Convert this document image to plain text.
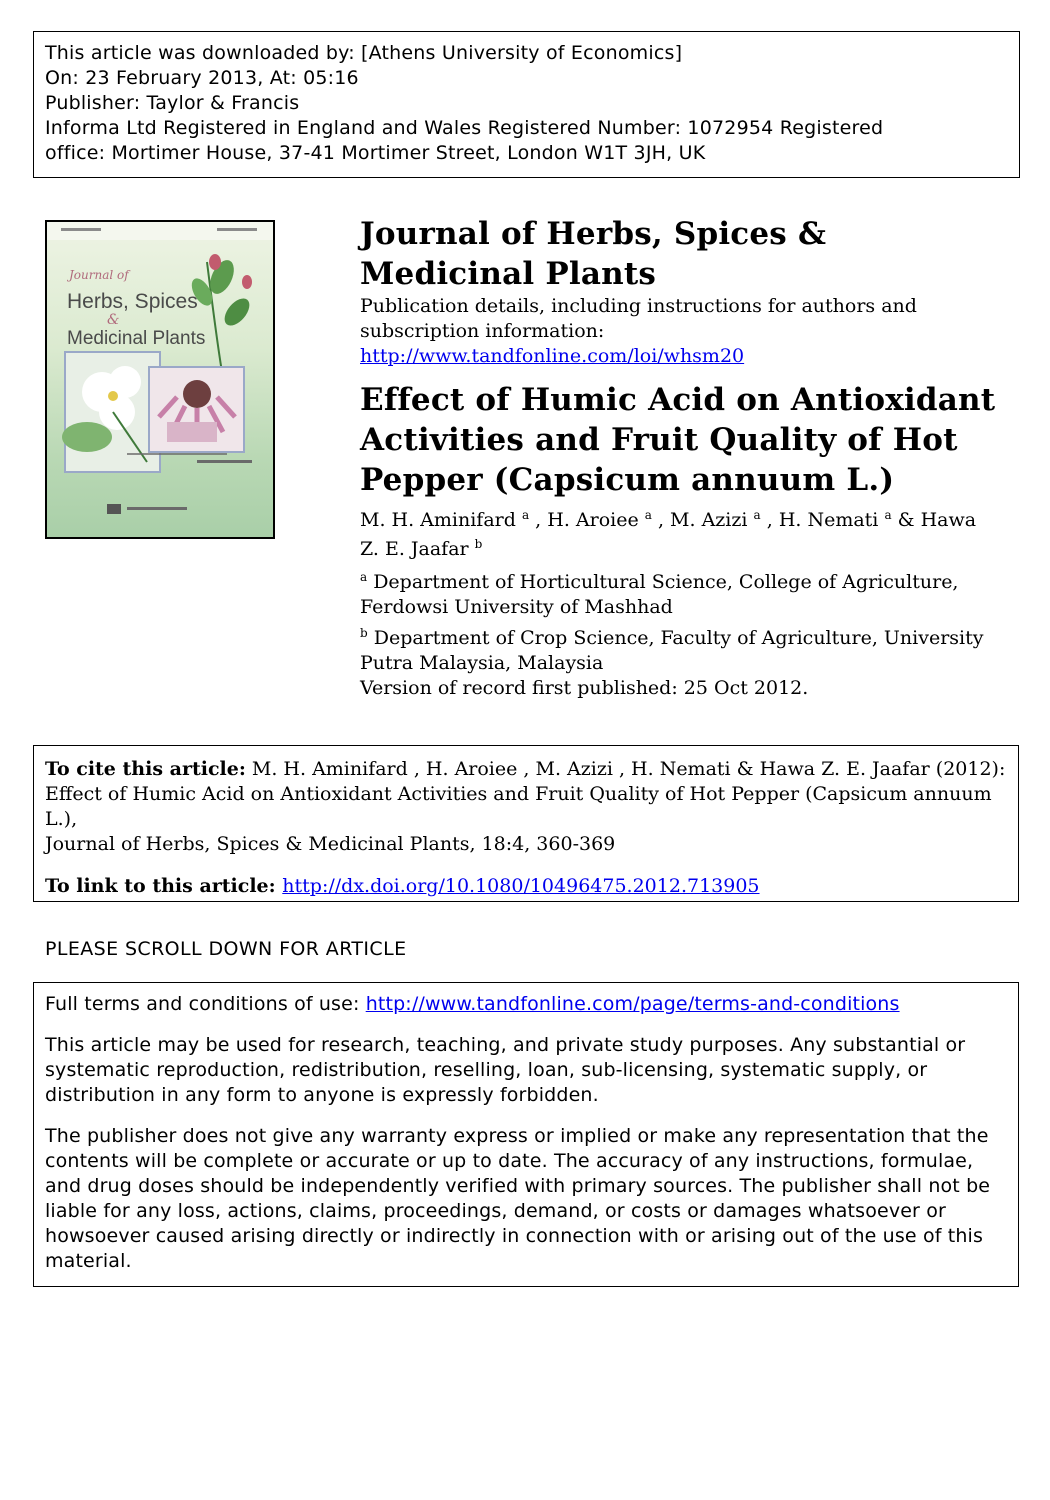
This article was downloaded by: [Athens University of Economics]
On: 23 February 2013, At: 05:16
Publisher: Taylor & Francis
Informa Ltd Registered in England and Wales Registered Number: 1072954 Registered
office: Mortimer House, 37-41 Mortimer Street, London W1T 3JH, UK
Journal of
Herbs, Spices
&
Medicinal Plants
Journal of Herbs, Spices & Medicinal Plants
Publication details, including instructions for authors and
subscription information:
http://www.tandfonline.com/loi/whsm20
Effect of Humic Acid on Antioxidant Activities and Fruit Quality of Hot Pepper (Capsicum annuum L.)
M. H. Aminifard $^a$ , H. Aroiee $^a$ , M. Azizi $^a$ , H. Nemati $^a$ & Hawa Z. E. Jaafar $^b$
$^a$ Department of Horticultural Science, College of Agriculture,
Ferdowsi University of Mashhad
$^b$ Department of Crop Science, Faculty of Agriculture, University
Putra Malaysia, Malaysia
Version of record first published: 25 Oct 2012.
To cite this article: M. H. Aminifard , H. Aroiee , M. Azizi , H. Nemati & Hawa Z. E. Jaafar (2012):
Effect of Humic Acid on Antioxidant Activities and Fruit Quality of Hot Pepper (Capsicum annuum L.),
Journal of Herbs, Spices & Medicinal Plants, 18:4, 360-369
To link to this article: http://dx.doi.org/10.1080/10496475.2012.713905
PLEASE SCROLL DOWN FOR ARTICLE

Full terms and conditions of use: http://www.tandfonline.com/page/terms-and-conditions

This article may be used for research, teaching, and private study purposes. Any substantial or systematic reproduction, redistribution, reselling, loan, sub-licensing, systematic supply, or distribution in any form to anyone is expressly forbidden.

The publisher does not give any warranty express or implied or make any representation that the contents will be complete or accurate or up to date. The accuracy of any instructions, formulae, and drug doses should be independently verified with primary sources. The publisher shall not be liable for any loss, actions, claims, proceedings, demand, or costs or damages whatsoever or howsoever caused arising directly or indirectly in connection with or arising out of the use of this material.
